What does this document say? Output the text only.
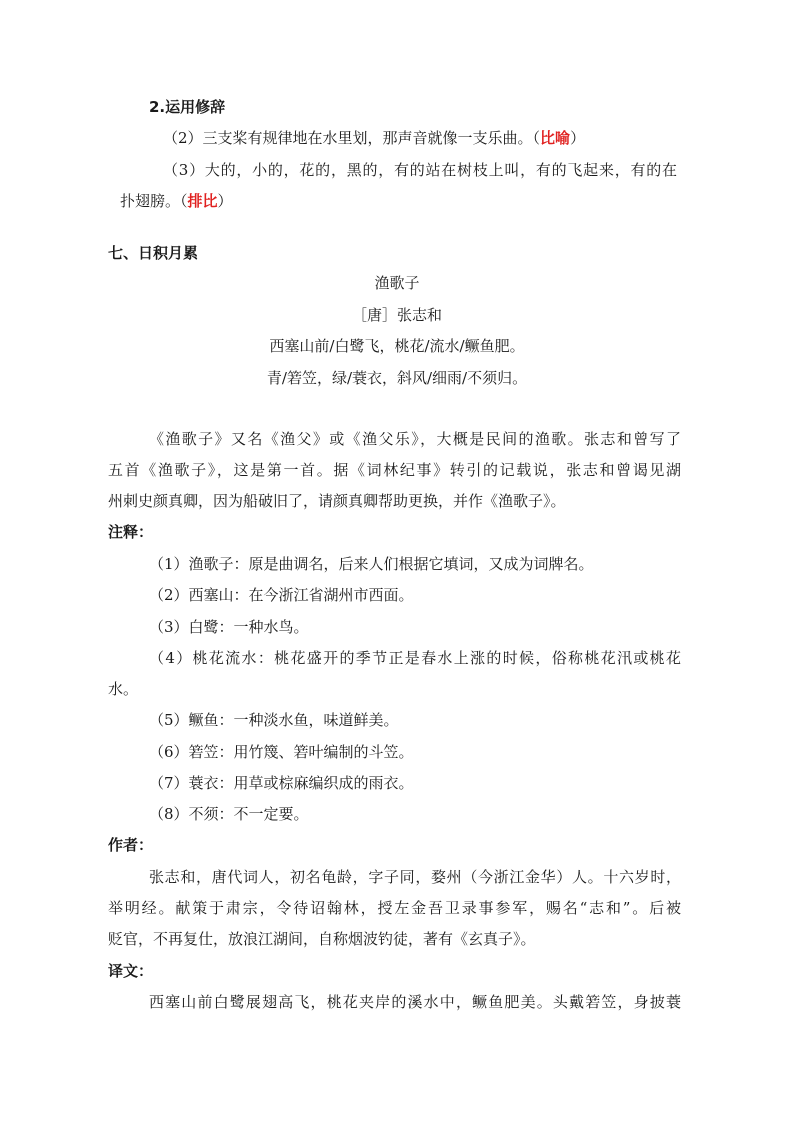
2.运用修辞
（2）三支桨有规律地在水里划，那声音就像一支乐曲。（比喻）
（3）大的，小的，花的，黑的，有的站在树枝上叫，有的飞起来，有的在
扑翅膀。（排比）
七、日积月累
渔歌子
［唐］张志和
西塞山前/白鹭飞，桃花/流水/鳜鱼肥。
青/箬笠，绿/蓑衣，斜风/细雨/不须归。
《渔歌子》又名《渔父》或《渔父乐》，大概是民间的渔歌。张志和曾写了
五首《渔歌子》，这是第一首。据《词林纪事》转引的记载说，张志和曾谒见湖
州刺史颜真卿，因为船破旧了，请颜真卿帮助更换，并作《渔歌子》。
注释：
（1）渔歌子：原是曲调名，后来人们根据它填词，又成为词牌名。
（2）西塞山：在今浙江省湖州市西面。
（3）白鹭：一种水鸟。
（4）桃花流水：桃花盛开的季节正是春水上涨的时候，俗称桃花汛或桃花
水。
（5）鳜鱼：一种淡水鱼，味道鲜美。
（6）箬笠：用竹篾、箬叶编制的斗笠。
（7）蓑衣：用草或棕麻编织成的雨衣。
（8）不须：不一定要。
作者：
张志和，唐代词人，初名龟龄，字子同，婺州（今浙江金华）人。十六岁时，
举明经。献策于肃宗，令待诏翰林，授左金吾卫录事参军，赐名“志和”。后被
贬官，不再复仕，放浪江湖间，自称烟波钓徒，著有《玄真子》。
译文：
西塞山前白鹭展翅高飞，桃花夹岸的溪水中，鳜鱼肥美。头戴箬笠，身披蓑
